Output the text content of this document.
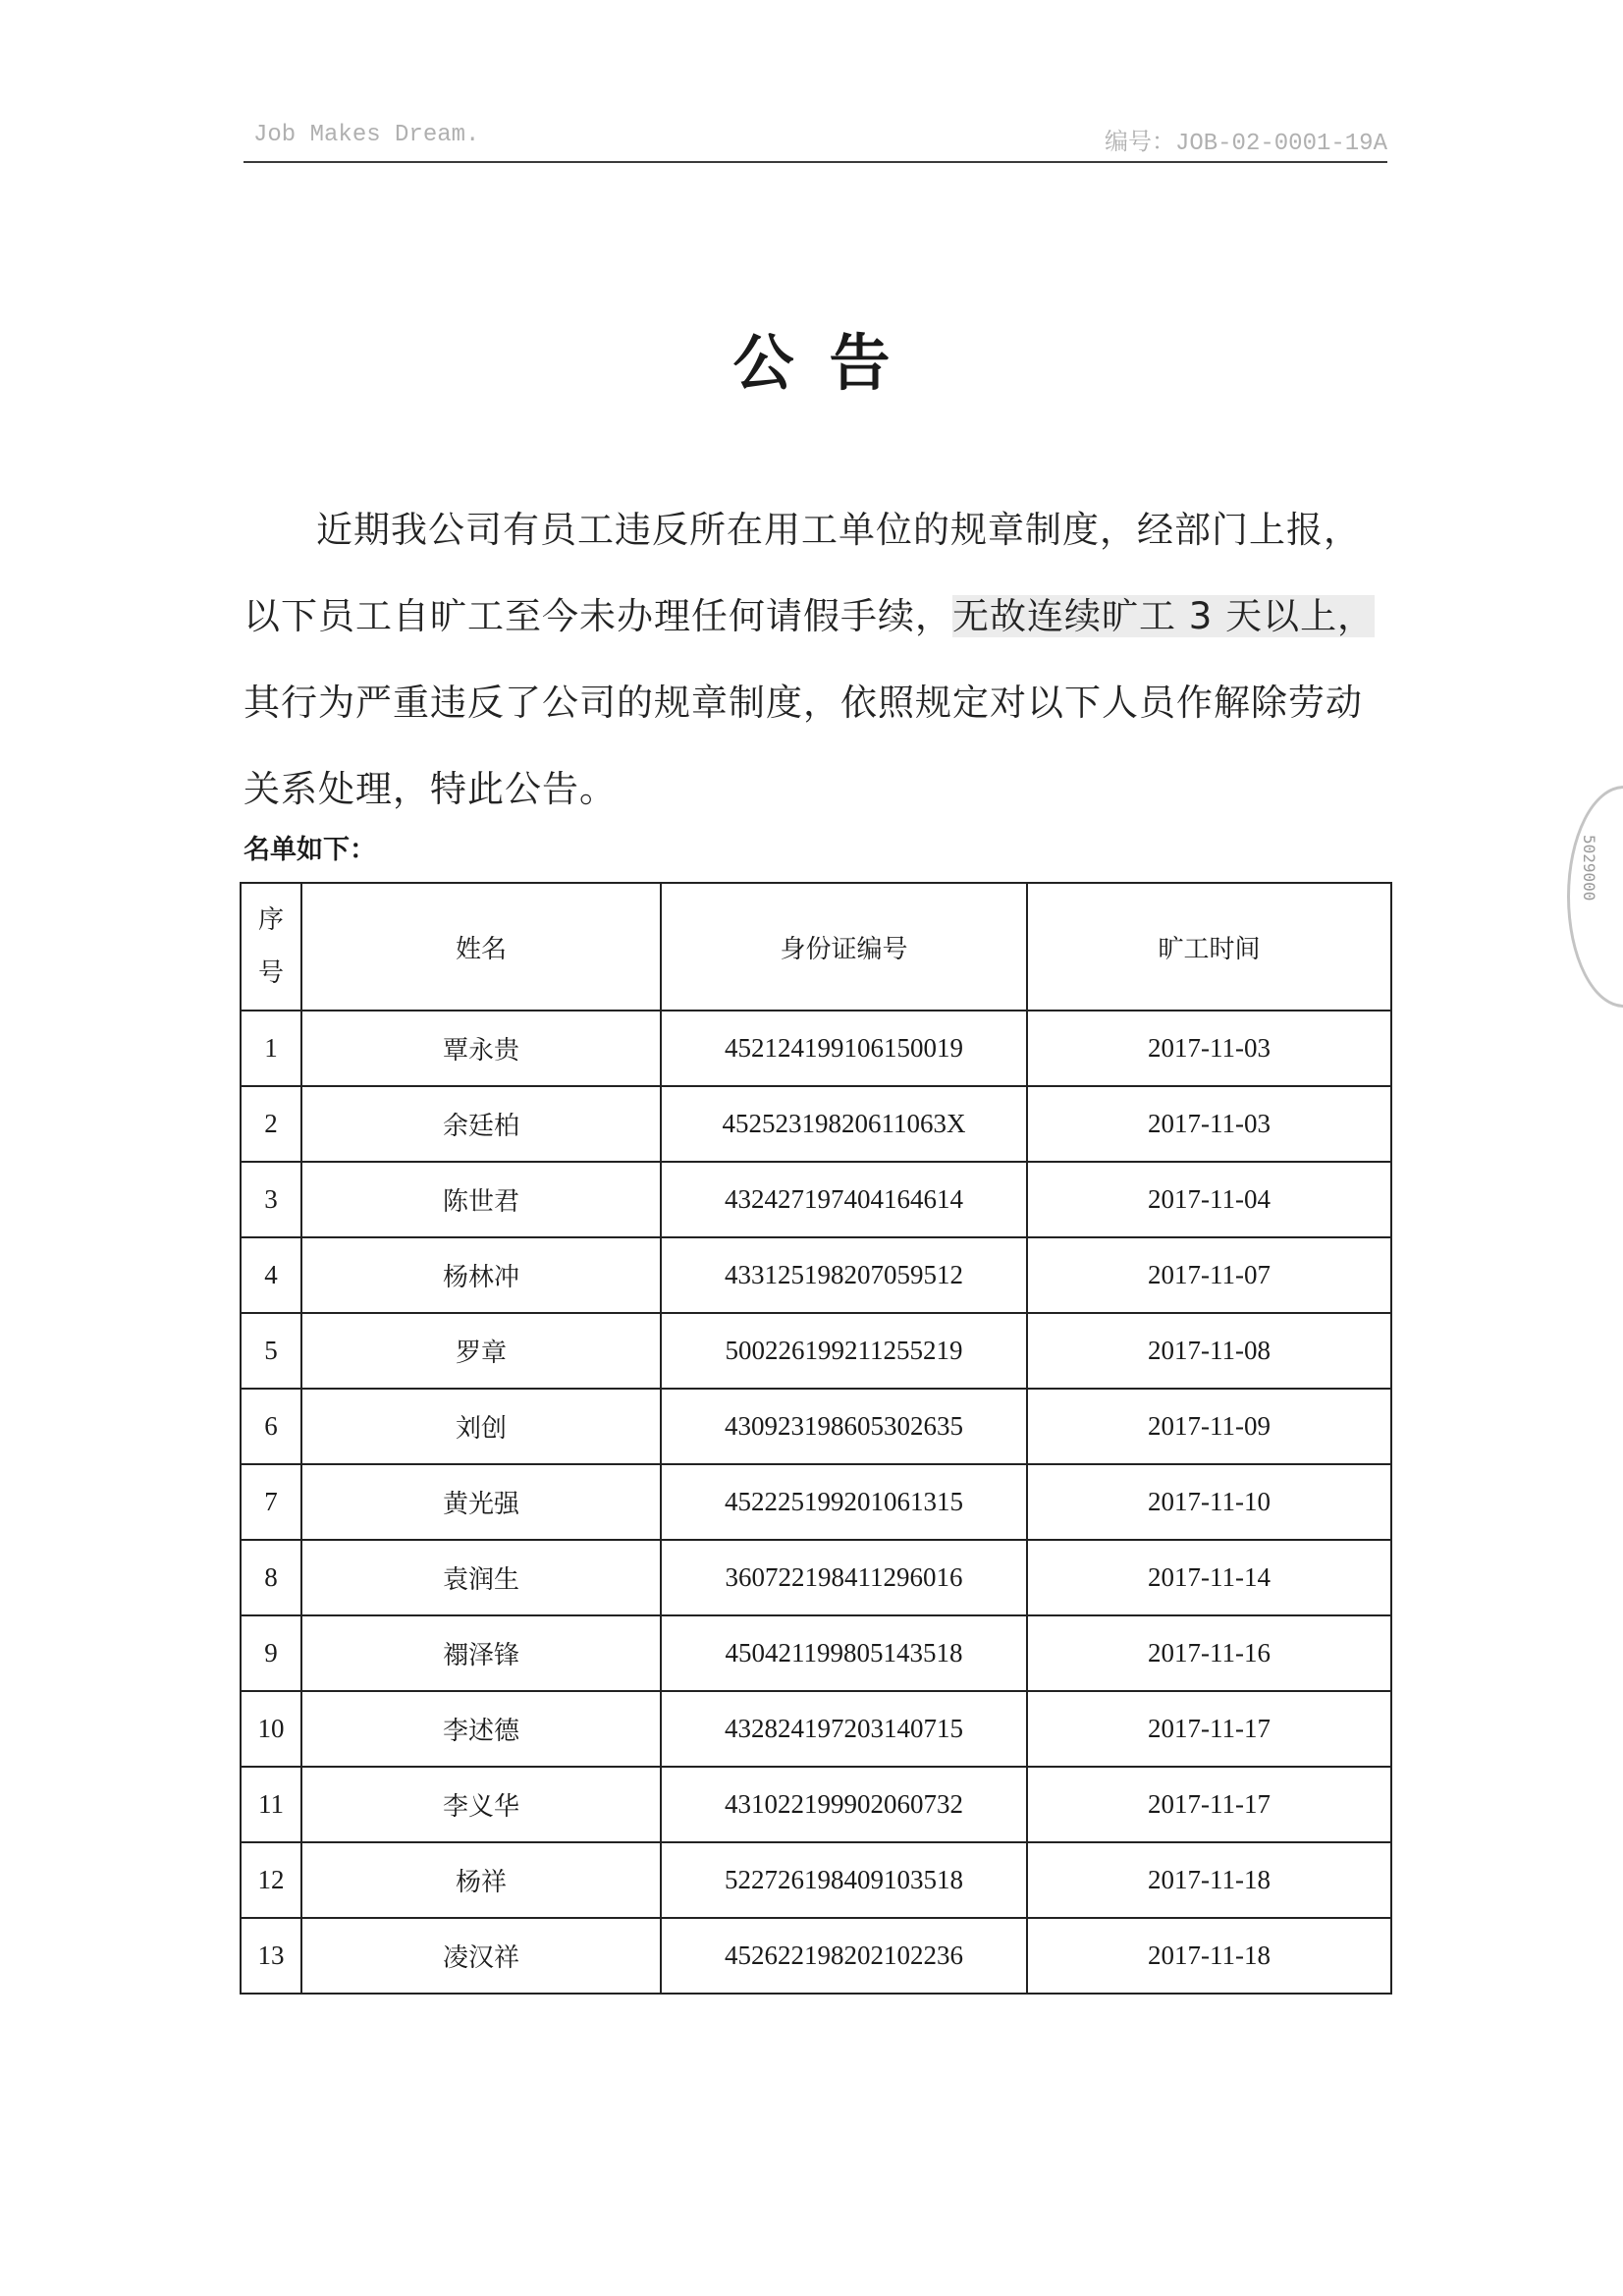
Job Makes Dream.	编号：JOB-02-0001-19A
公告
近期我公司有员工违反所在用工单位的规章制度，经部门上报，以下员工自旷工至今未办理任何请假手续，无故连续旷工 3 天以上，其行为严重违反了公司的规章制度，依照规定对以下人员作解除劳动关系处理，特此公告。
名单如下：
序号	姓名	身份证编号	旷工时间
1	覃永贵	452124199106150019	2017-11-03
2	余廷柏	45252319820611063X	2017-11-03
3	陈世君	432427197404164614	2017-11-04
4	杨林冲	433125198207059512	2017-11-07
5	罗章	500226199211255219	2017-11-08
6	刘创	430923198605302635	2017-11-09
7	黄光强	452225199201061315	2017-11-10
8	袁润生	360722198411296016	2017-11-14
9	禤泽锋	450421199805143518	2017-11-16
10	李述德	432824197203140715	2017-11-17
11	李义华	431022199902060732	2017-11-17
12	杨祥	522726198409103518	2017-11-18
13	凌汉祥	452622198202102236	2017-11-18
5029000
